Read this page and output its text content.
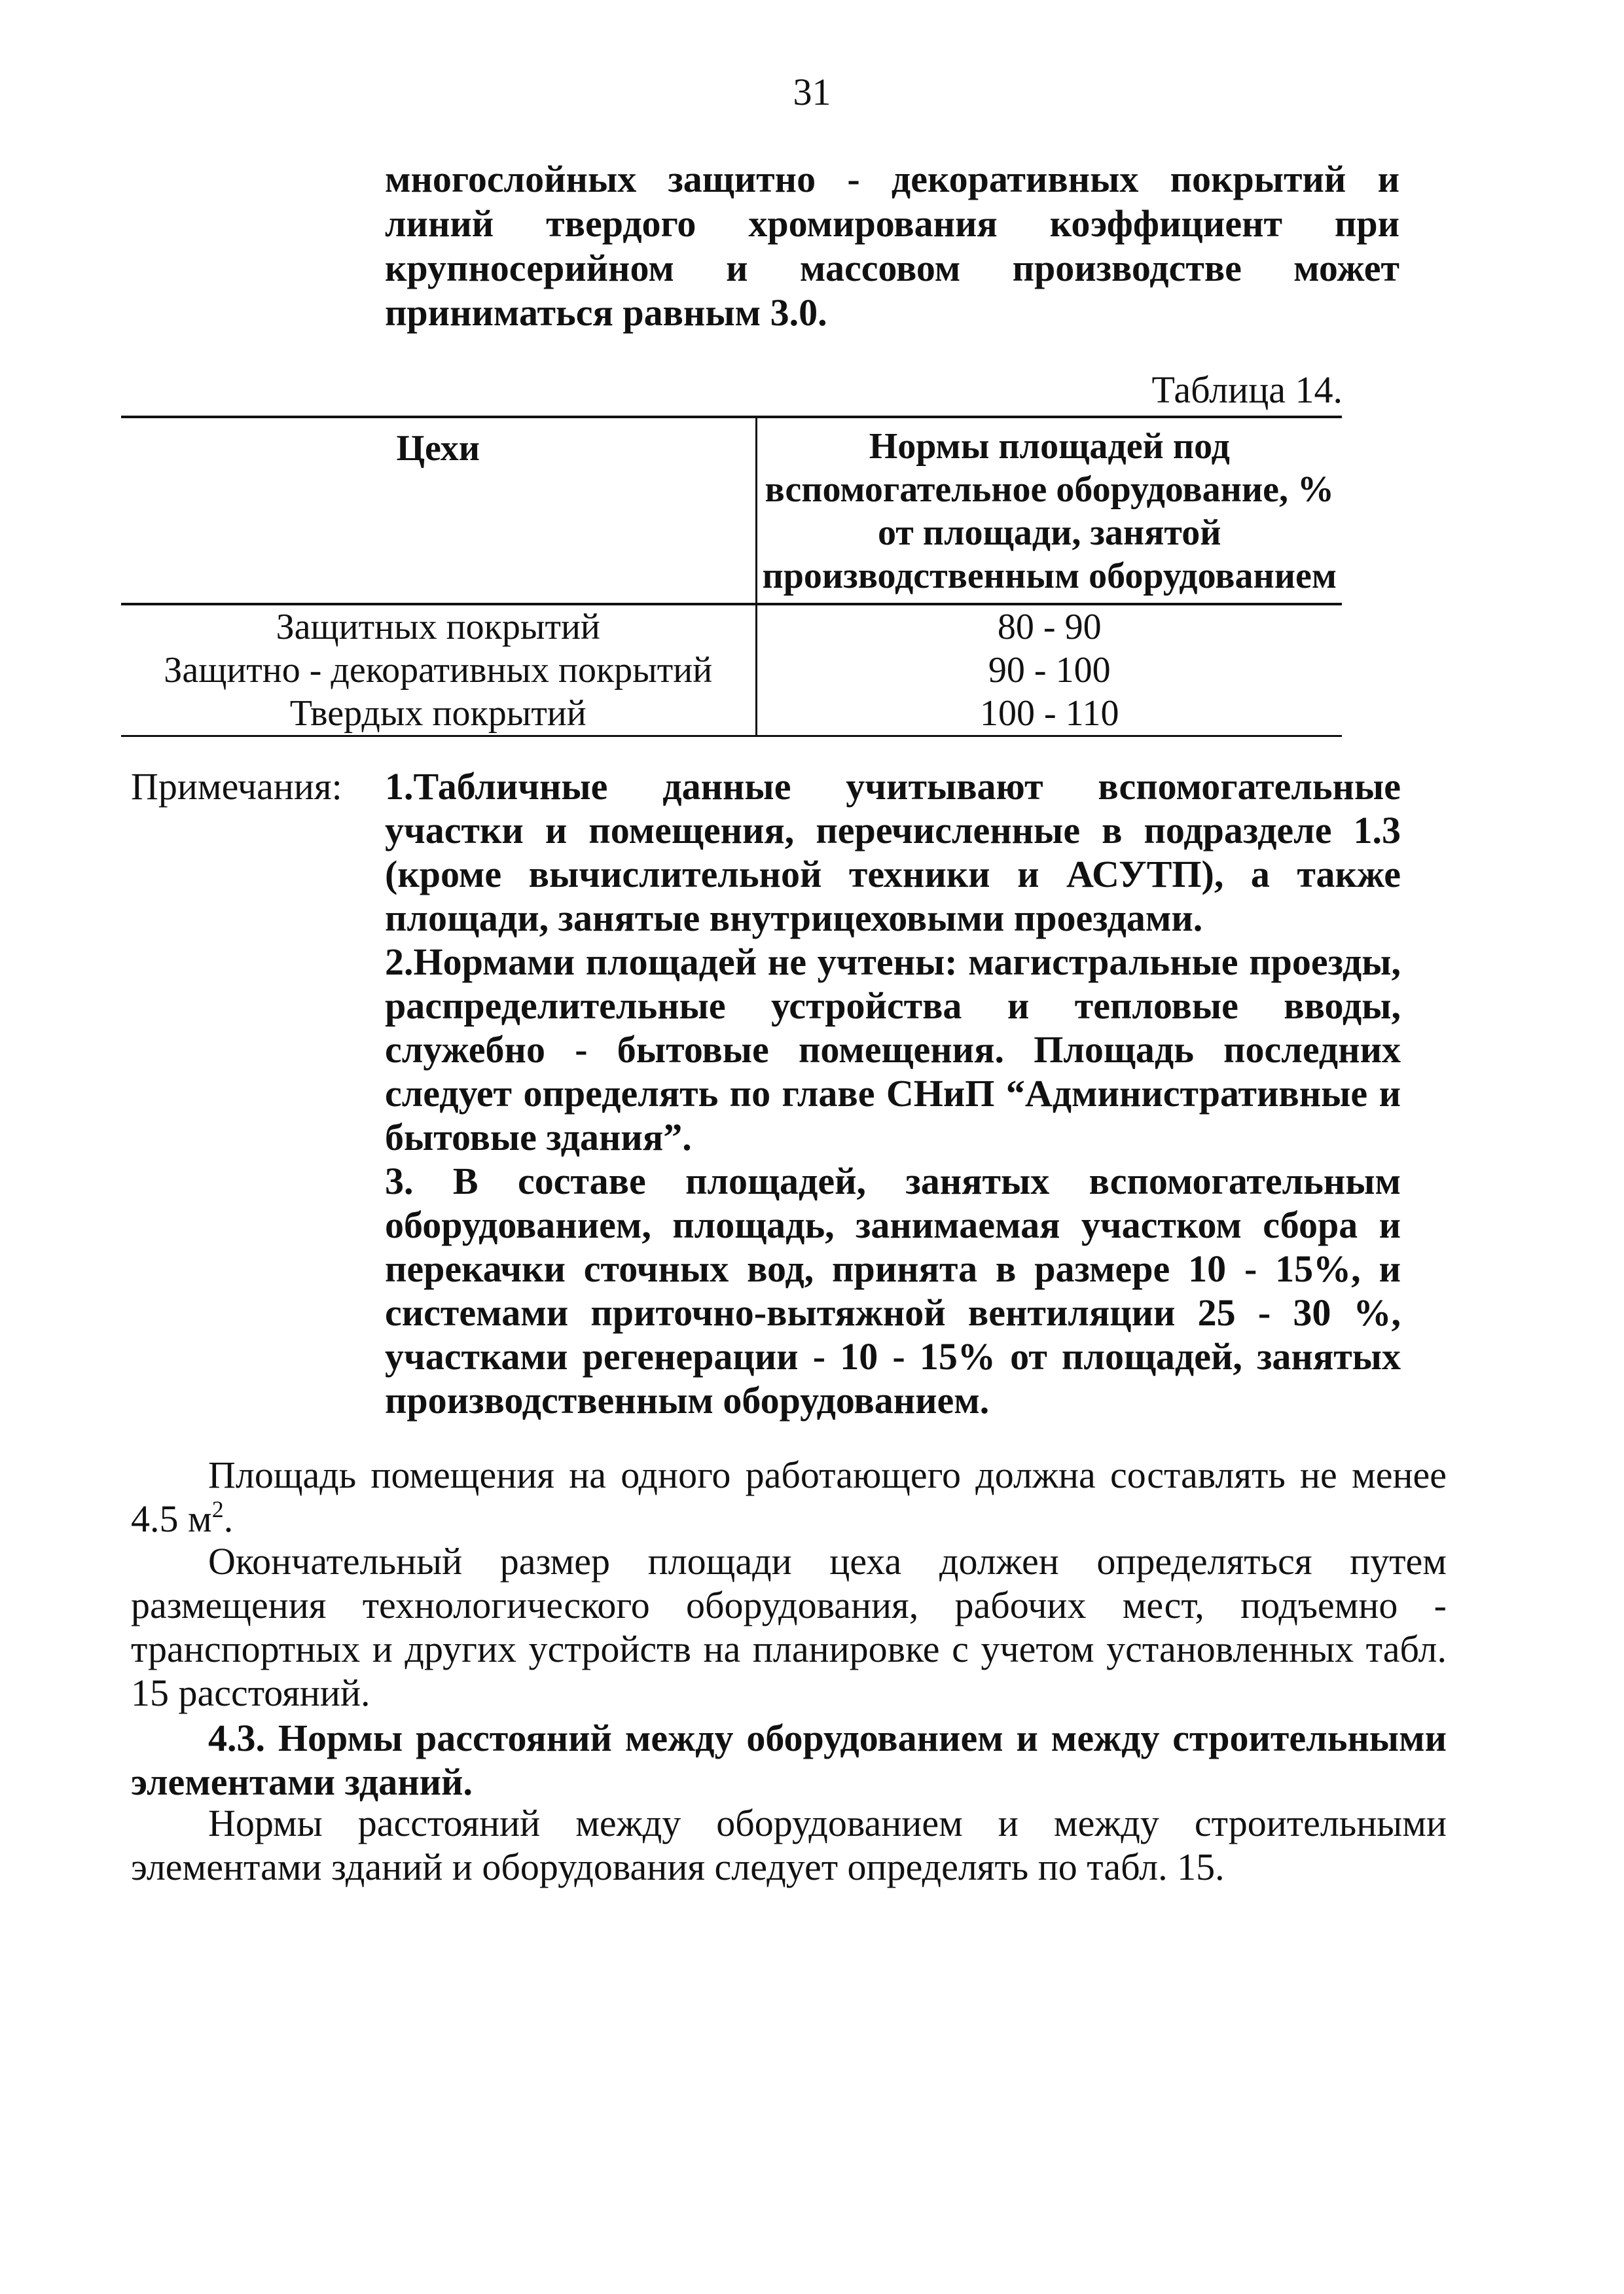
31
многослойных защитно - декоративных покрытий и линий твердого хромирования коэффициент при крупносерийном и массовом производстве может приниматься равным 3.0.
Таблица 14.
Цехи	Нормы площадей под вспомогательное оборудование, % от площади, занятой производственным оборудованием
Защитных покрытий	80 - 90
Защитно - декоративных покрытий	90 - 100
Твердых покрытий	100 - 110
Примечания: 1.Табличные данные учитывают вспомогательные участки и помещения, перечисленные в подразделе 1.3 (кроме вычислительной техники и АСУТП), а также площади, занятые внутрицеховыми проездами.
2.Нормами площадей не учтены: магистральные проезды, распределительные устройства и тепловые вводы, служебно - бытовые помещения. Площадь последних следует определять по главе СНиП “Административные и бытовые здания”.
3. В составе площадей, занятых вспомогательным оборудованием, площадь, занимаемая участком сбора и перекачки сточных вод, принята в размере 10 - 15%, и системами приточно-вытяжной вентиляции 25 - 30 %, участками регенерации - 10 - 15% от площадей, занятых производственным оборудованием.
Площадь помещения на одного работающего должна составлять не менее 4.5 $м^2$.
Окончательный размер площади цеха должен определяться путем размещения технологического оборудования, рабочих мест, подъемно - транспортных и других устройств на планировке с учетом установленных табл. 15 расстояний.
4.3. Нормы расстояний между оборудованием и между строительными элементами зданий.
Нормы расстояний между оборудованием и между строительными элементами зданий и оборудования следует определять по табл. 15.
